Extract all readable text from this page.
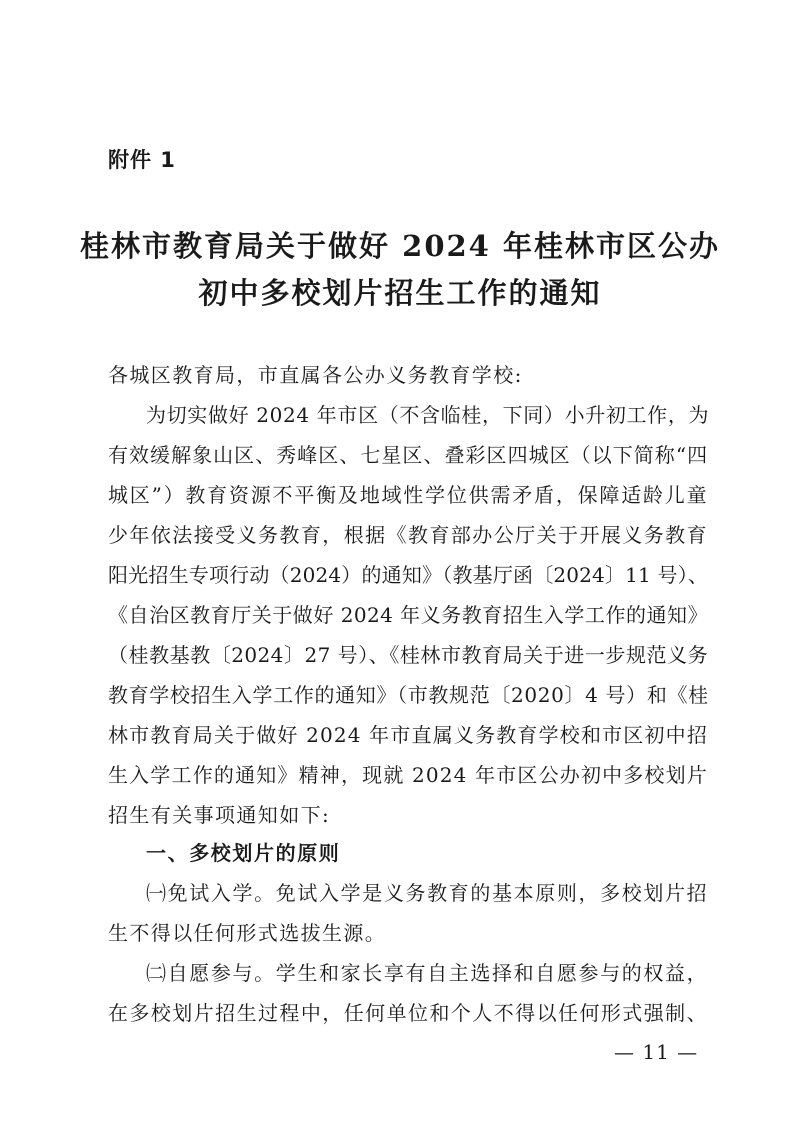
附件 1
桂林市教育局关于做好 2024 年桂林市区公办
初中多校划片招生工作的通知
各城区教育局，市直属各公办义务教育学校:
为切实做好 2024 年市区（不含临桂，下同）小升初工作，为
有效缓解象山区、秀峰区、七星区、叠彩区四城区（以下简称“四
城区”）教育资源不平衡及地域性学位供需矛盾，保障适龄儿童
少年依法接受义务教育，根据《教育部办公厅关于开展义务教育
阳光招生专项行动（2024）的通知》（教基厅函〔2024〕11 号）、
《自治区教育厅关于做好 2024 年义务教育招生入学工作的通知》
（桂教基教〔2024〕27 号）、《桂林市教育局关于进一步规范义务
教育学校招生入学工作的通知》（市教规范〔2020〕4 号）和《桂
林市教育局关于做好 2024 年市直属义务教育学校和市区初中招
生入学工作的通知》精神，现就 2024 年市区公办初中多校划片
招生有关事项通知如下:
一、多校划片的原则
㈠免试入学。免试入学是义务教育的基本原则，多校划片招
生不得以任何形式选拔生源。
㈡自愿参与。学生和家长享有自主选择和自愿参与的权益，
在多校划片招生过程中，任何单位和个人不得以任何形式强制、
— 11 —
